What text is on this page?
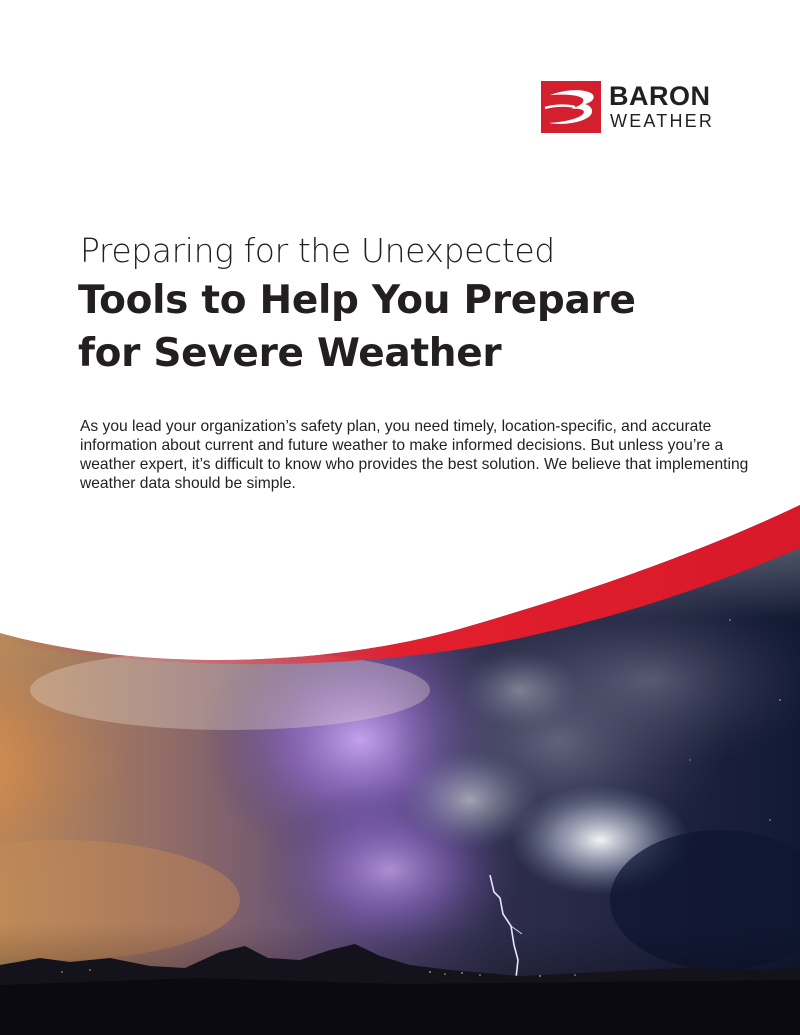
BARON
WEATHER
Preparing for the Unexpected
Tools to Help You Prepare
for Severe Weather

As you lead your organization’s safety plan, you need timely, location-specific, and accurate information about current and future weather to make informed decisions. But unless you’re a weather expert, it’s difficult to know who provides the best solution. We believe that implementing weather data should be simple.
